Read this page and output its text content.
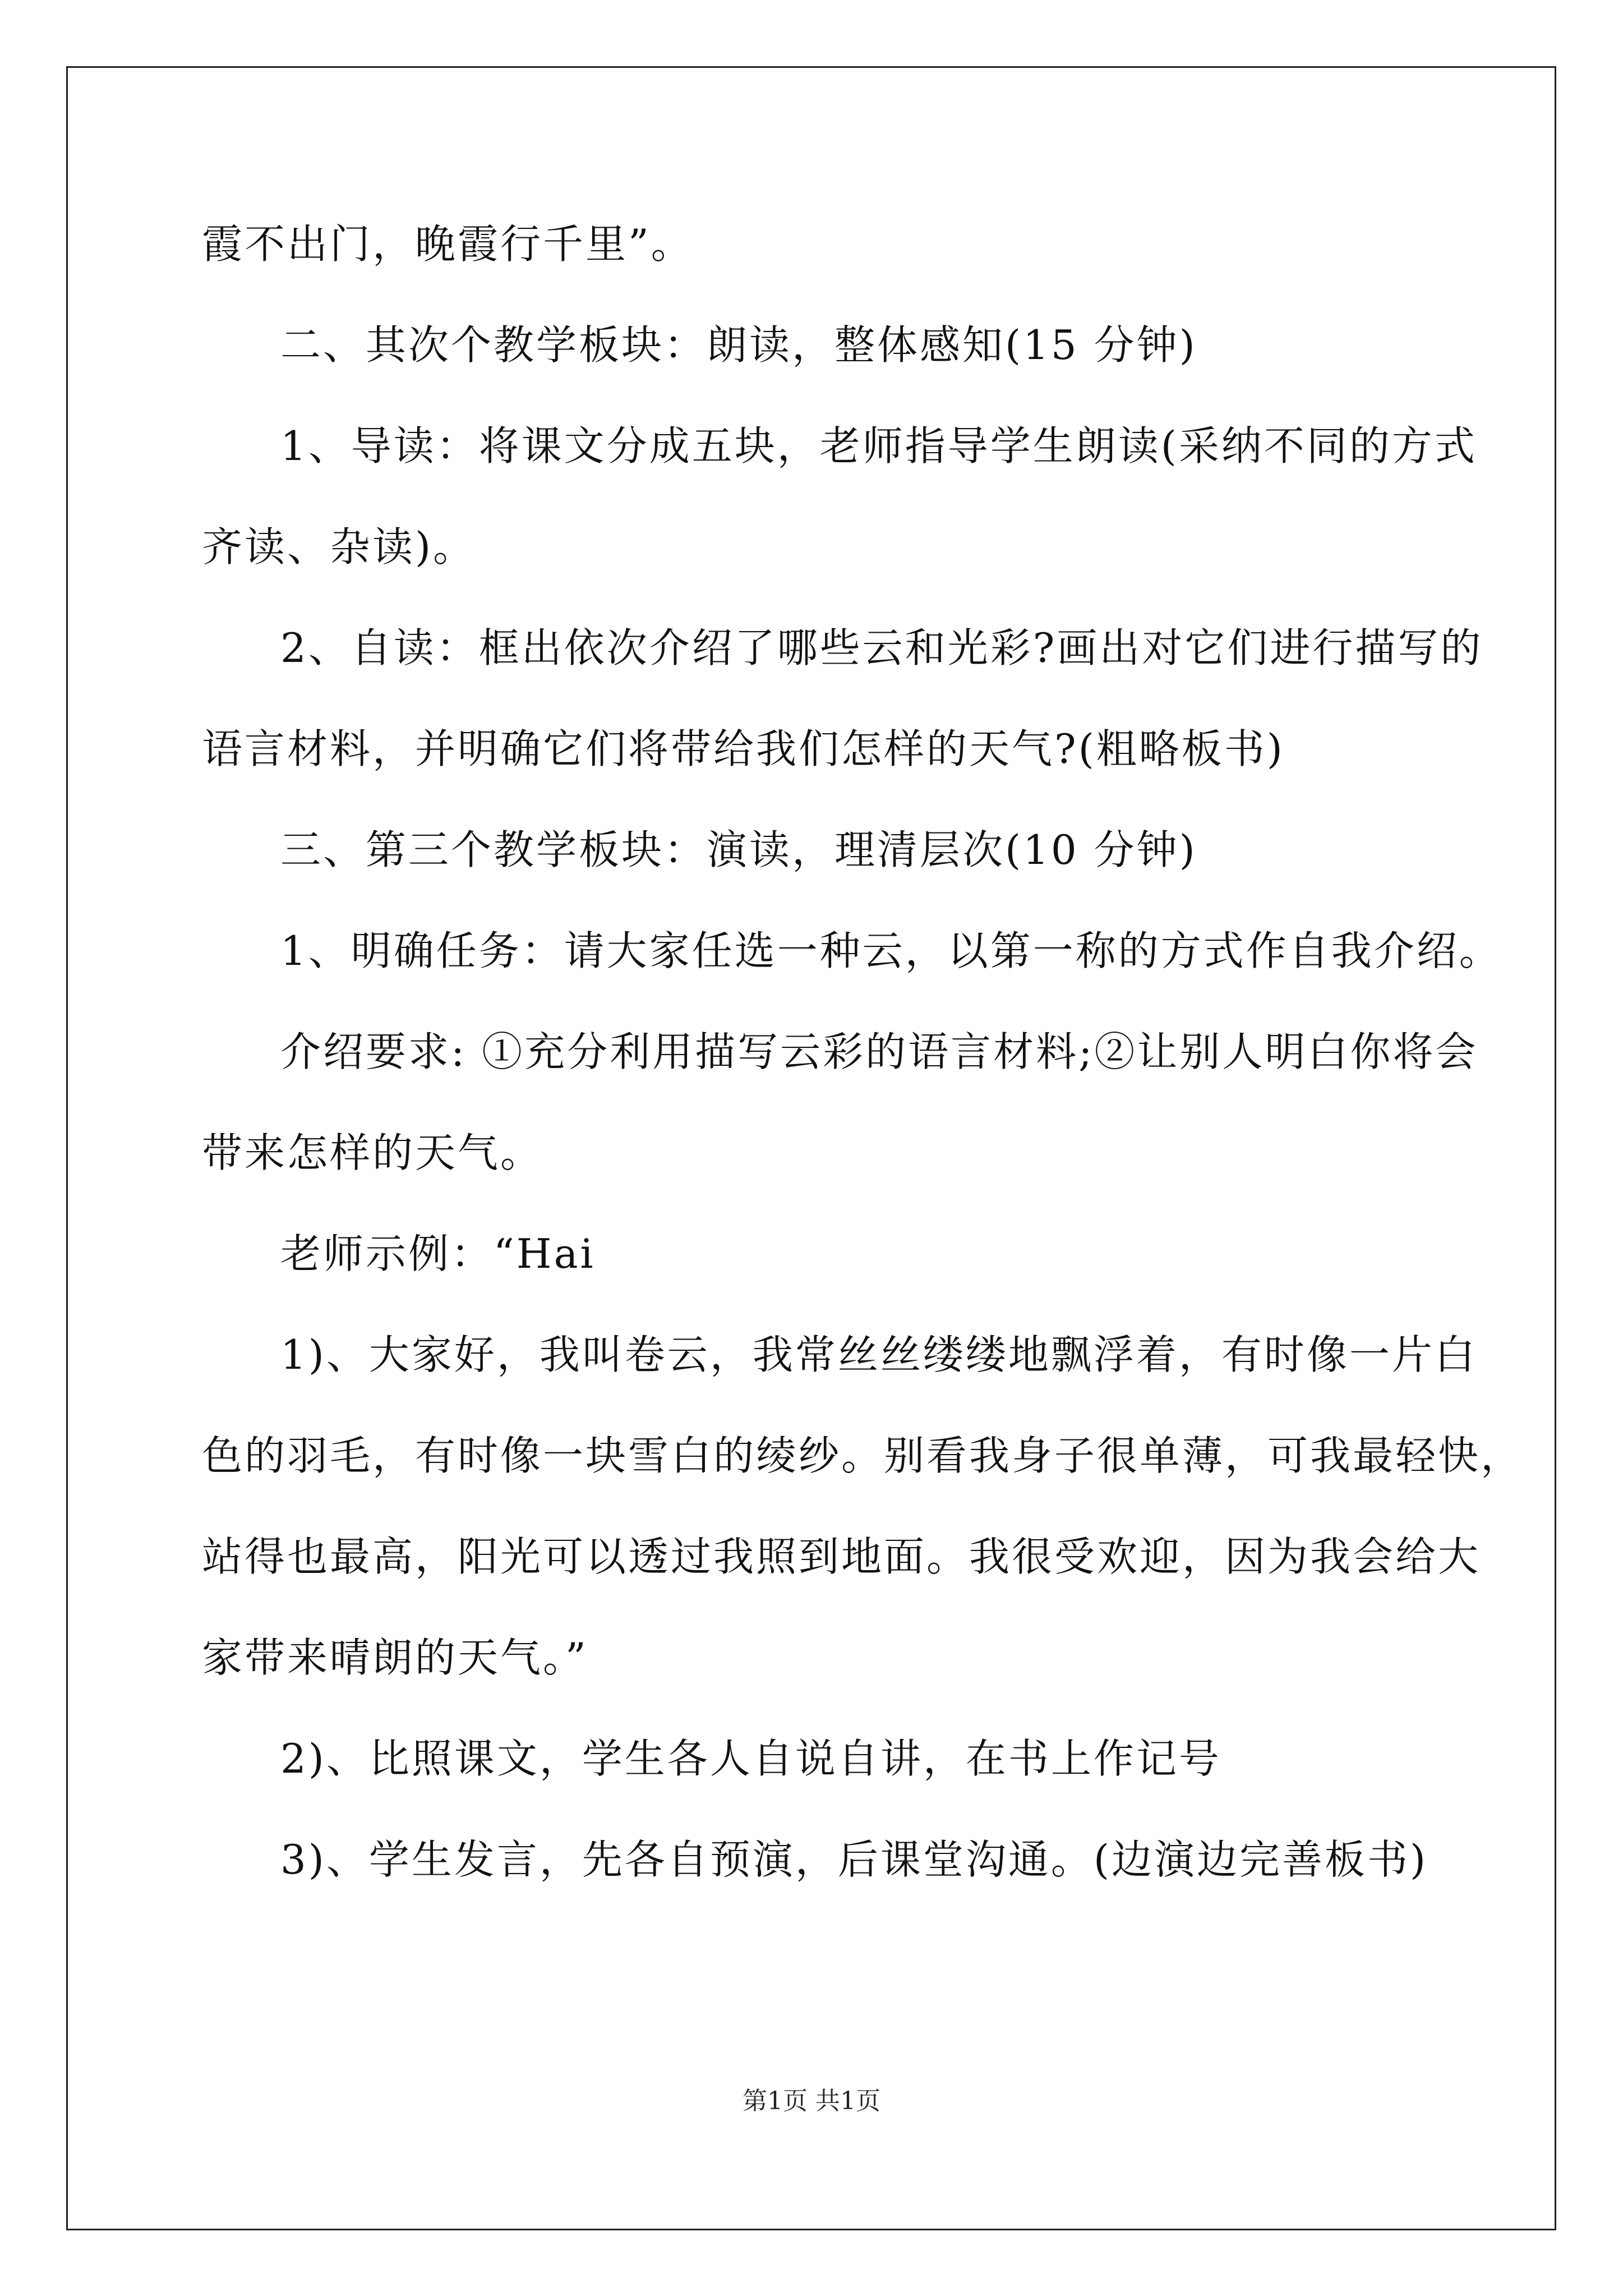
霞不出门，晚霞行千里”。
二、其次个教学板块：朗读，整体感知(15 分钟)
1、导读：将课文分成五块，老师指导学生朗读(采纳不同的方式
齐读、杂读)。
2、自读：框出依次介绍了哪些云和光彩?画出对它们进行描写的
语言材料，并明确它们将带给我们怎样的天气?(粗略板书)
三、第三个教学板块：演读，理清层次(10 分钟)
1、明确任务：请大家任选一种云，以第一称的方式作自我介绍。
介绍要求: ①充分利用描写云彩的语言材料;②让别人明白你将会
带来怎样的天气。
老师示例：“Hai
1)、大家好，我叫卷云，我常丝丝缕缕地飘浮着，有时像一片白
色的羽毛，有时像一块雪白的绫纱。别看我身子很单薄，可我最轻快，
站得也最高，阳光可以透过我照到地面。我很受欢迎，因为我会给大
家带来晴朗的天气。”
2)、比照课文，学生各人自说自讲，在书上作记号
3)、学生发言，先各自预演，后课堂沟通。(边演边完善板书)
第1页 共1页
